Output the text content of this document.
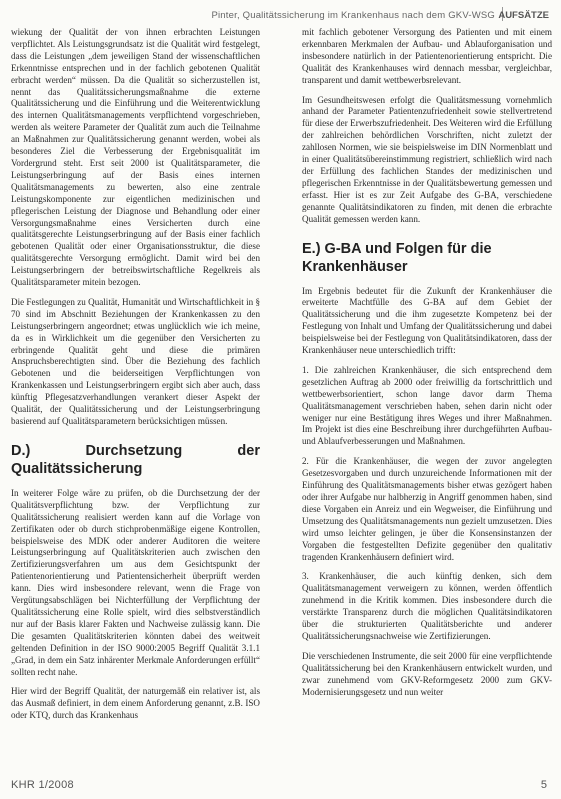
Pinter, Qualitätssicherung im Krankenhaus nach dem GKV-WSG AUFSÄTZE

wiekung der Qualität der von ihnen erbrachten Leistungen verpflichtet. Als Leistungsgrundsatz ist die Qualität wird festgelegt, dass die Leistungen „dem jeweiligen Stand der wissenschaftlichen Erkenntnisse entsprechen und in der fachlich gebotenen Qualität erbracht werden“ müssen. Da die Qualität so sicherzustellen ist, nennt das Qualitätssicherungsmaßnahme die externe Qualitätssicherung und die Einführung und die Weiterentwicklung des internen Qualitätsmanagements verpflichtend vorgeschrieben, werden als weitere Parameter der Qualität zum auch die Teilnahme an Maßnahmen zur Qualitätssicherung genannt werden, wobei als besonderes Ziel die Verbesserung der Ergebnisqualität im Vordergrund steht. Erst seit 2000 ist Qualitätsparameter, die Leistungserbringung auf der Basis eines internen Qualitätsmanagements zu bewerten, also eine zentrale Leistungskomponente zur eigentlichen medizinischen und pflegerischen Leistung der Diagnose und Behandlung oder einer Versorgungsmaßnahme eines Versicherten durch eine qualitätsgerechte Leistungserbringung auf der Basis einer fachlich gebotenen Qualität oder einer Organisationsstruktur, die diese qualitätsgerechte Versorgung ermöglicht. Damit wird bei den Leistungserbringern der betreibswirtschaftliche Regelkreis als Qualitätsparameter mitein bezogen.

Die Festlegungen zu Qualität, Humanität und Wirtschaftlichkeit in § 70 sind im Abschnitt Beziehungen der Krankenkassen zu den Leistungserbringern angeordnet; etwas unglücklich wie ich meine, da es in Wirklichkeit um die gegenüber den Versicherten zu erbringende Qualität geht und diese die primären Anspruchsberechtigten sind. Über die Beziehung des fachlich Gebotenen und die beiderseitigen Verpflichtungen von Krankenkassen und Leistungserbringern ergibt sich aber auch, dass künftig Pflegesatzverhandlungen verankert dieser Aspekt der Qualität, der Qualitätssicherung und der Leistungserbringung basierend auf Qualitätsparametern berücksichtigen müssen.

D.) Durchsetzung der Qualitätssicherung

In weiterer Folge wäre zu prüfen, ob die Durchsetzung der der Qualitätsverpflichtung bzw. der Verpflichtung zur Qualitätssicherung realisiert werden kann auf die Vorlage von Zertifikaten oder ob durch stichprobenmäßige eigene Kontrollen, beispielsweise des MDK oder anderer Auditoren die weitere Leistungserbringung auf Qualitätskriterien auch zwischen den Zertifizierungsverfahren um aus dem Gesichtspunkt der Patientenorientierung und Patientensicherheit überprüft werden kann. Dies wird insbesondere relevant, wenn die Frage von Vergütungsabschlägen bei Nichterfüllung der Verpflichtung der Qualitätssicherung eine Rolle spielt, wird dies selbstverständlich nur auf der Basis klarer Fakten und Nachweise zulässig kann. Die Die gesamten Qualitätskriterien könnten dabei des weitweit geltenden Definition in der ISO 9000:2005 Begriff Qualität 3.1.1 „Grad, in dem ein Satz inhärenter Merkmale Anforderungen erfüllt“ sollten recht nahe.

Hier wird der Begriff Qualität, der naturgemäß ein relativer ist, als das Ausmaß definiert, in dem einem Anforderung genannt, z.B. ISO oder KTQ, durch das Krankenhaus

mit fachlich gebotener Versorgung des Patienten und mit einem erkennbaren Merkmalen der Aufbau- und Ablauforganisation und insbesondere natürlich in der Patientenorientierung entspricht. Die Qualität des Krankenhauses wird dennach messbar, vergleichbar, transparent und damit wettbewerbsrelevant.

Im Gesundheitswesen erfolgt die Qualitätsmessung vornehmlich anhand der Parameter Patientenzufriedenheit sowie stellvertretend für diese der Erwerbszufriedenheit. Des Weiteren wird die Erfüllung der zahlreichen behördlichen Vorschriften, nicht zuletzt der zahllosen Normen, wie sie beispielsweise im DIN Normenblatt und in einer Qualitätsübereinstimmung registriert, schließlich wird nach der Erfüllung des fachlichen Standes der medizinischen und pflegerischen Erkenntnisse in der Qualitätsbewertung gemessen und erfasst. Hier ist es zur Zeit Aufgabe des G-BA, verschiedene genannte Qualitätsindikatoren zu finden, mit denen die erbrachte Qualität gemessen werden kann.

E.) G-BA und Folgen für die
Krankenhäuser

Im Ergebnis bedeutet für die Zukunft der Krankenhäuser die erweiterte Machtfülle des G-BA auf dem Gebiet der Qualitätssicherung und die ihm zugesetzte Kompetenz bei der Festlegung von Inhalt und Umfang der Qualitätssicherung und dabei beispielsweise bei der Festlegung von Qualitätsindikatoren, dass der Krankenhäuser neue unterschiedlich trifft:

1. Die zahlreichen Krankenhäuser, die sich entsprechend dem gesetzlichen Auftrag ab 2000 oder freiwillig da fortschrittlich und wettbewerbsorientiert, schon lange davor darm Thema Qualitätsmanagement verschrieben haben, sehen darin nicht oder weniger nur eine Bestätigung ihres Weges und ihrer Maßnahmen. Im Projekt ist dies eine Beschreibung ihrer durchgeführten Aufbau- und Ablaufverbesserungen und Maßnahmen.

2. Für die Krankenhäuser, die wegen der zuvor angelegten Gesetzesvorgaben und durch unzureichende Informationen mit der Einführung des Qualitätsmanagements bisher etwas gezögert haben oder ihrer Aufgabe nur halbherzig in Angriff genommen haben, sind diese Vorgaben ein Anreiz und ein Wegweiser, die Einführung und Umsetzung des Qualitätsmanagements nun gezielt umzusetzen. Dies wird umso leichter gelingen, je über die Konsensinstanzen der Vorgaben die festgestellten Defizite gegenüber den qualitativ tragenden Krankenhäusern definiert wird.

3. Krankenhäuser, die auch künftig denken, sich dem Qualitätsmanagement verweigern zu können, werden öffentlich zunehmend in die Kritik kommen. Dies insbesondere durch die verstärkte Transparenz durch die möglichen Qualitätsindikatoren über die strukturierten Qualitätsberichte und anderer Qualitätssicherungsnachweise wie Zertifizierungen.

Die verschiedenen Instrumente, die seit 2000 für eine verpflichtende Qualitätssicherung bei den Krankenhäusern entwickelt wurden, und zwar zunehmend vom GKV-Reformgesetz 2000 zum GKV-Modernisierungsgesetz und nun weiter

KHR 1/2008	5
